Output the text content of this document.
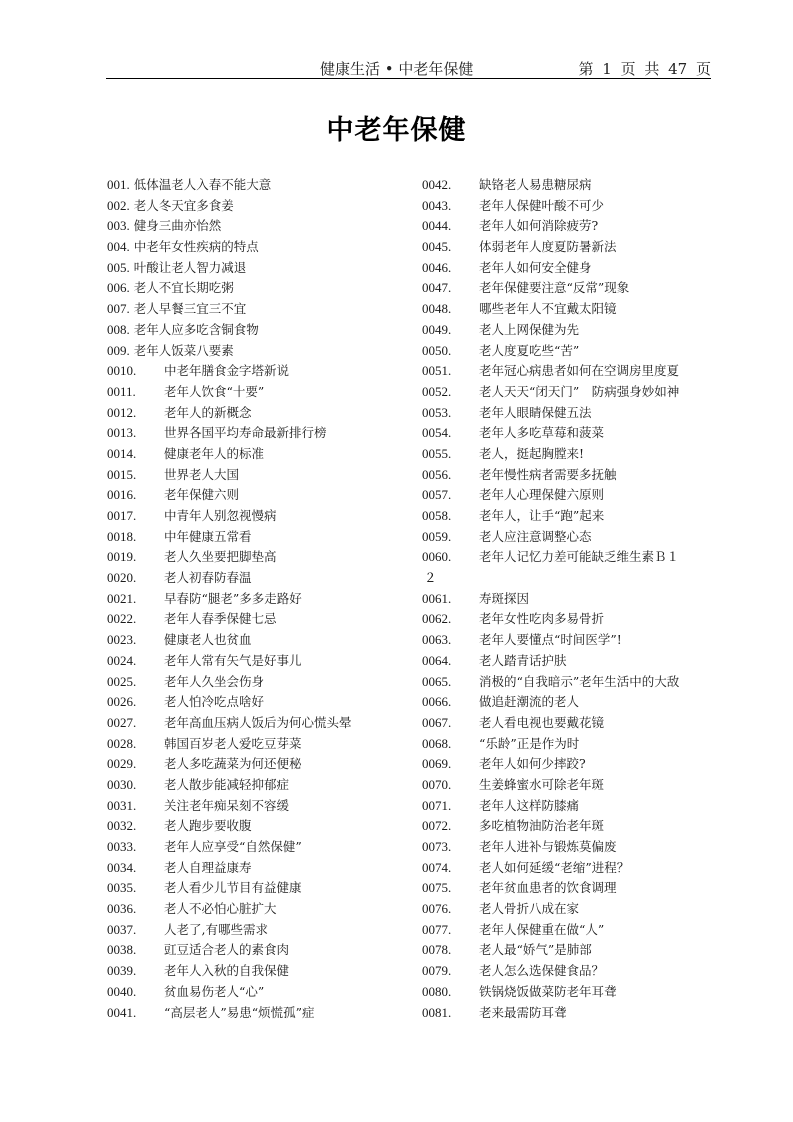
健康生活 • 中老年保健	第 1 页 共 47 页
中老年保健
001. 低体温老人入春不能大意
002. 老人冬天宜多食姜
003. 健身三曲亦怡然
004. 中老年女性疾病的特点
005. 叶酸让老人智力减退
006. 老人不宜长期吃粥
007. 老人早餐三宜三不宜
008. 老年人应多吃含铜食物
009. 老年人饭菜八要素
0010.	中老年膳食金字塔新说
0011.	老年人饮食“十要”
0012.	老年人的新概念
0013.	世界各国平均寿命最新排行榜
0014.	健康老年人的标准
0015.	世界老人大国
0016.	老年保健六则
0017.	中青年人别忽视慢病
0018.	中年健康五常看
0019.	老人久坐要把脚垫高
0020.	老人初春防春温
0021.	早春防“腿老”多多走路好
0022.	老年人春季保健七忌
0023.	健康老人也贫血
0024.	老年人常有矢气是好事儿
0025.	老年人久坐会伤身
0026.	老人怕冷吃点啥好
0027.	老年高血压病人饭后为何心慌头晕
0028.	韩国百岁老人爱吃豆芽菜
0029.	老人多吃蔬菜为何还便秘
0030.	老人散步能减轻抑郁症
0031.	关注老年痴呆刻不容缓
0032.	老人跑步要收腹
0033.	老年人应享受“自然保健”
0034.	老人自理益康寿
0035.	老人看少儿节目有益健康
0036.	老人不必怕心脏扩大
0037.	人老了,有哪些需求
0038.	豇豆适合老人的素食肉
0039.	老年人入秋的自我保健
0040.	贫血易伤老人“心”
0041.	“高层老人”易患“烦慌孤”症
0042.	缺铬老人易患糖尿病
0043.	老年人保健叶酸不可少
0044.	老年人如何消除疲劳?
0045.	体弱老年人度夏防暑新法
0046.	老年人如何安全健身
0047.	老年保健要注意“反常”现象
0048.	哪些老年人不宜戴太阳镜
0049.	老人上网保健为先
0050.	老人度夏吃些“苦”
0051.	老年冠心病患者如何在空调房里度夏
0052.	老人天天“闭天门”　防病强身妙如神
0053.	老年人眼睛保健五法
0054.	老年人多吃草莓和菠菜
0055.	老人，挺起胸膛来!
0056.	老年慢性病者需要多抚触
0057.	老年人心理保健六原则
0058.	老年人，让手“跑”起来
0059.	老人应注意调整心态
0060.	老年人记忆力差可能缺乏维生素Ｂ１
２
0061.	寿斑探因
0062.	老年女性吃肉多易骨折
0063.	老年人要懂点“时间医学”!
0064.	老人踏青话护肤
0065.	消极的“自我暗示”老年生活中的大敌
0066.	做追赶潮流的老人
0067.	老人看电视也要戴花镜
0068.	“乐龄”正是作为时
0069.	老年人如何少摔跤?
0070.	生姜蜂蜜水可除老年斑
0071.	老年人这样防膝痛
0072.	多吃植物油防治老年斑
0073.	老年人进补与锻炼莫偏废
0074.	老人如何延缓“老缩”进程？
0075.	老年贫血患者的饮食调理
0076.	老人骨折八成在家
0077.	老年人保健重在做“人”
0078.	老人最“娇气”是肺部
0079.	老人怎么选保健食品？
0080.	铁锅烧饭做菜防老年耳聋
0081.	老来最需防耳聋
